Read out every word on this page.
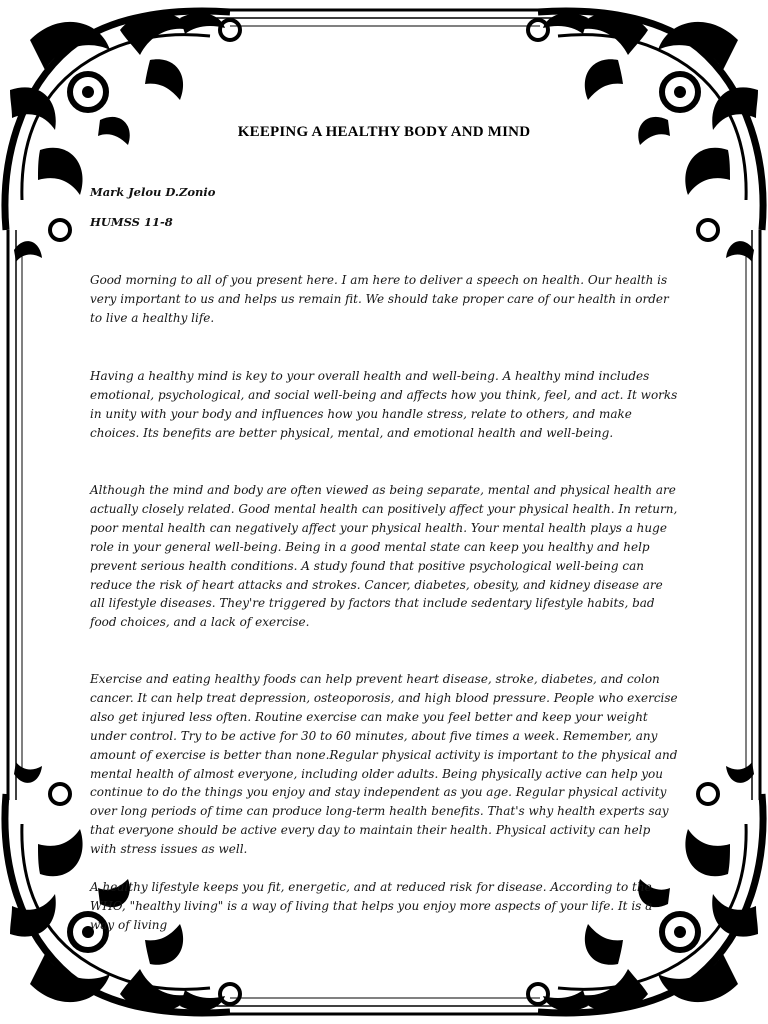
KEEPING A HEALTHY BODY AND MIND
Mark Jelou D.Zonio
HUMSS 11-8

Good morning to all of you present here. I am here to deliver a speech on health. Our health is very important to us and helps us remain fit. We should take proper care of our health in order to live a healthy life.

Having a healthy mind is key to your overall health and well-being. A healthy mind includes emotional, psychological, and social well-being and affects how you think, feel, and act. It works in unity with your body and influences how you handle stress, relate to others, and make choices. Its benefits are better physical, mental, and emotional health and well-being.

Although the mind and body are often viewed as being separate, mental and physical health are actually closely related. Good mental health can positively affect your physical health. In return, poor mental health can negatively affect your physical health. Your mental health plays a huge role in your general well-being. Being in a good mental state can keep you healthy and help prevent serious health conditions. A study found that positive psychological well-being can reduce the risk of heart attacks and strokes. Cancer, diabetes, obesity, and kidney disease are all lifestyle diseases. They're triggered by factors that include sedentary lifestyle habits, bad food choices, and a lack of exercise.

Exercise and eating healthy foods can help prevent heart disease, stroke, diabetes, and colon cancer. It can help treat depression, osteoporosis, and high blood pressure. People who exercise also get injured less often. Routine exercise can make you feel better and keep your weight under control. Try to be active for 30 to 60 minutes, about five times a week. Remember, any amount of exercise is better than none.Regular physical activity is important to the physical and mental health of almost everyone, including older adults. Being physically active can help you continue to do the things you enjoy and stay independent as you age. Regular physical activity over long periods of time can produce long-term health benefits. That's why health experts say that everyone should be active every day to maintain their health. Physical activity can help with stress issues as well.

A healthy lifestyle keeps you fit, energetic, and at reduced risk for disease. According to the WHO, "healthy living" is a way of living that helps you enjoy more aspects of your life. It is a way of living
